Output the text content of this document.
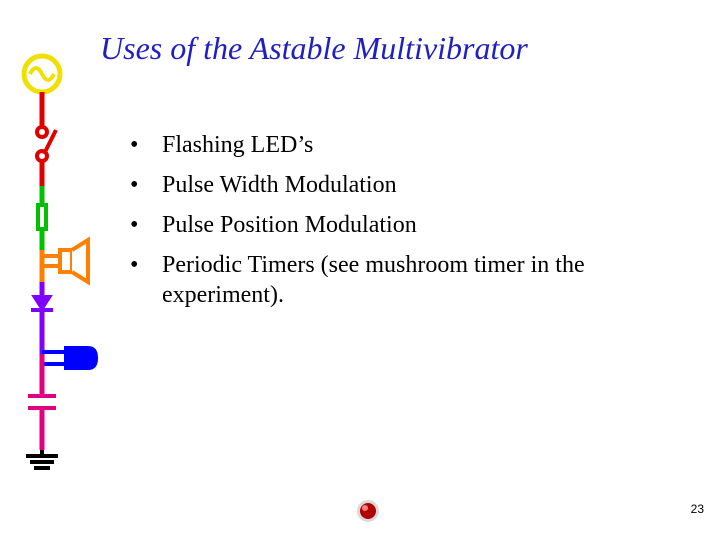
Uses of the Astable Multivibrator
• Flashing LED’s
• Pulse Width Modulation
• Pulse Position Modulation
• Periodic Timers (see mushroom timer in the experiment).
23
